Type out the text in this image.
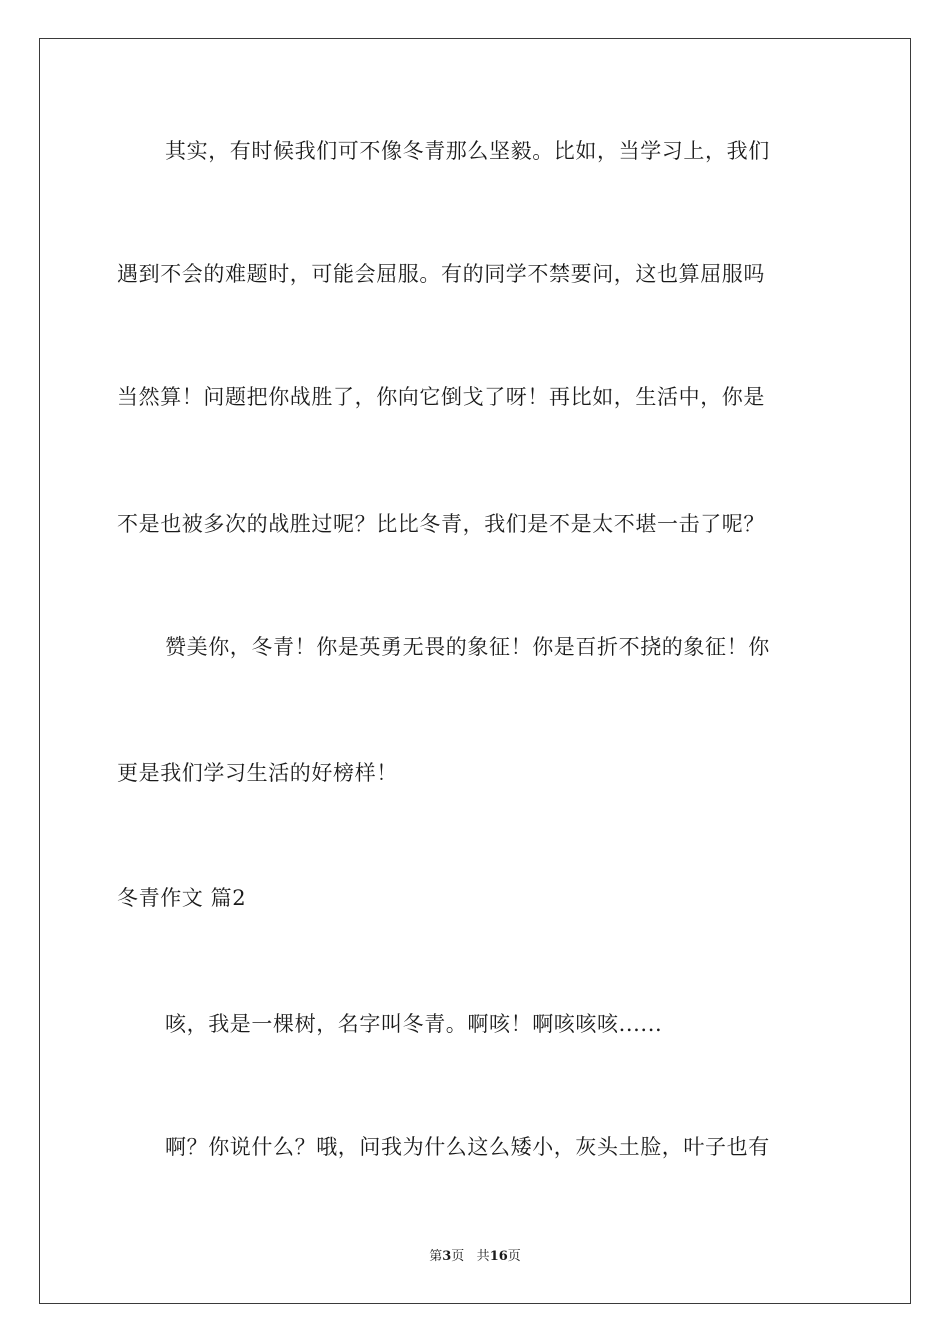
其实，有时候我们可不像冬青那么坚毅。比如，当学习上，我们
遇到不会的难题时，可能会屈服。有的同学不禁要问，这也算屈服吗
当然算！问题把你战胜了，你向它倒戈了呀！再比如，生活中，你是
不是也被多次的战胜过呢？比比冬青，我们是不是太不堪一击了呢？
赞美你，冬青！你是英勇无畏的象征！你是百折不挠的象征！你
更是我们学习生活的好榜样！
冬青作文 篇2
咳，我是一棵树，名字叫冬青。啊咳！啊咳咳咳......
啊？你说什么？哦，问我为什么这么矮小，灰头土脸，叶子也有
第3页 共16页
